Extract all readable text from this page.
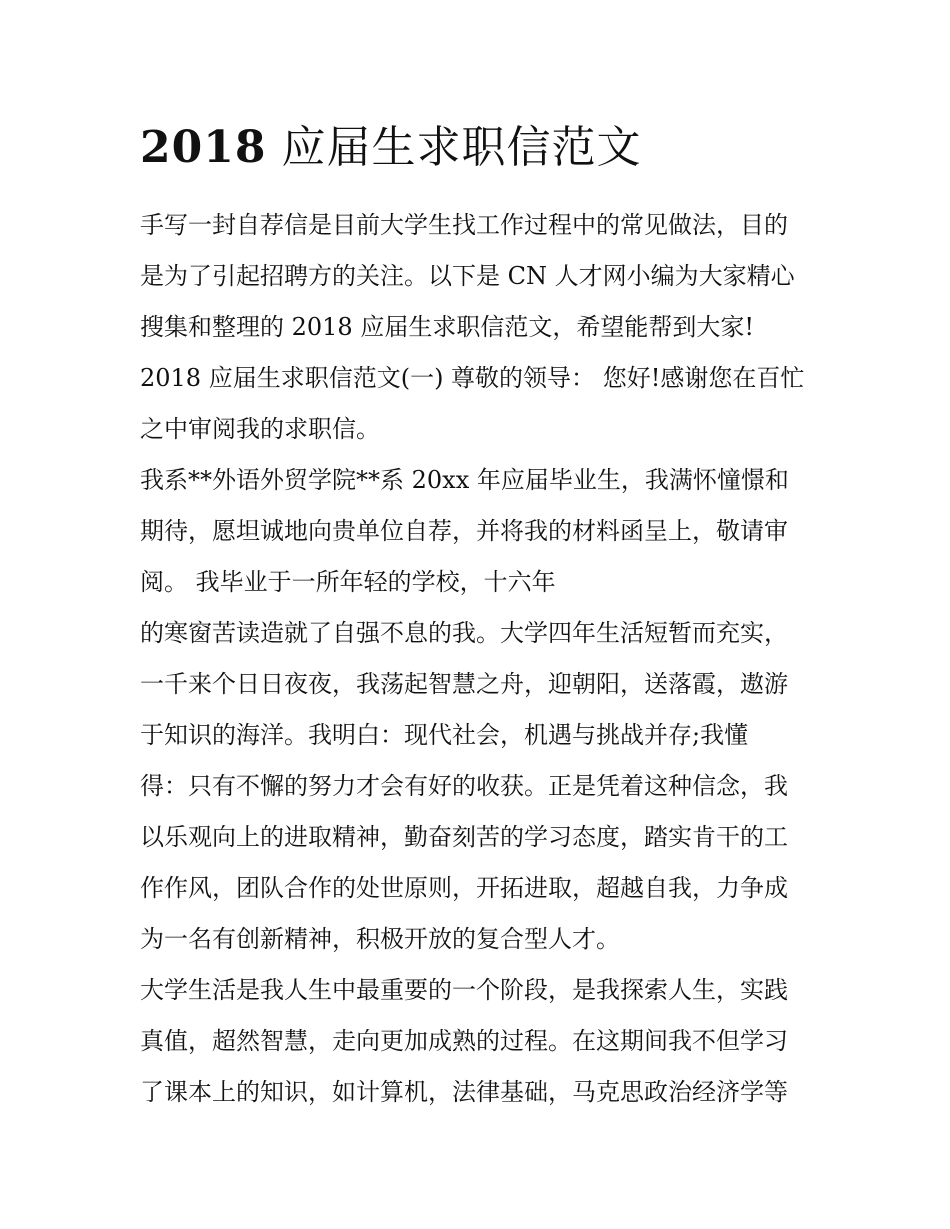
2018 应届生求职信范文
手写一封自荐信是目前大学生找工作过程中的常见做法，目的
是为了引起招聘方的关注。以下是 CN 人才网小编为大家精心
搜集和整理的 2018 应届生求职信范文，希望能帮到大家!
2018 应届生求职信范文(一) 尊敬的领导： 您好!感谢您在百忙
之中审阅我的求职信。
我系**外语外贸学院**系 20xx 年应届毕业生，我满怀憧憬和
期待，愿坦诚地向贵单位自荐，并将我的材料函呈上，敬请审
阅。 我毕业于一所年轻的学校，十六年
的寒窗苦读造就了自强不息的我。大学四年生活短暂而充实，
一千来个日日夜夜，我荡起智慧之舟，迎朝阳，送落霞，遨游
于知识的海洋。我明白：现代社会，机遇与挑战并存;我懂
得：只有不懈的努力才会有好的收获。正是凭着这种信念，我
以乐观向上的进取精神，勤奋刻苦的学习态度，踏实肯干的工
作作风，团队合作的处世原则，开拓进取，超越自我，力争成
为一名有创新精神，积极开放的复合型人才。
大学生活是我人生中最重要的一个阶段，是我探索人生，实践
真值，超然智慧，走向更加成熟的过程。在这期间我不但学习
了课本上的知识，如计算机，法律基础，马克思政治经济学等
